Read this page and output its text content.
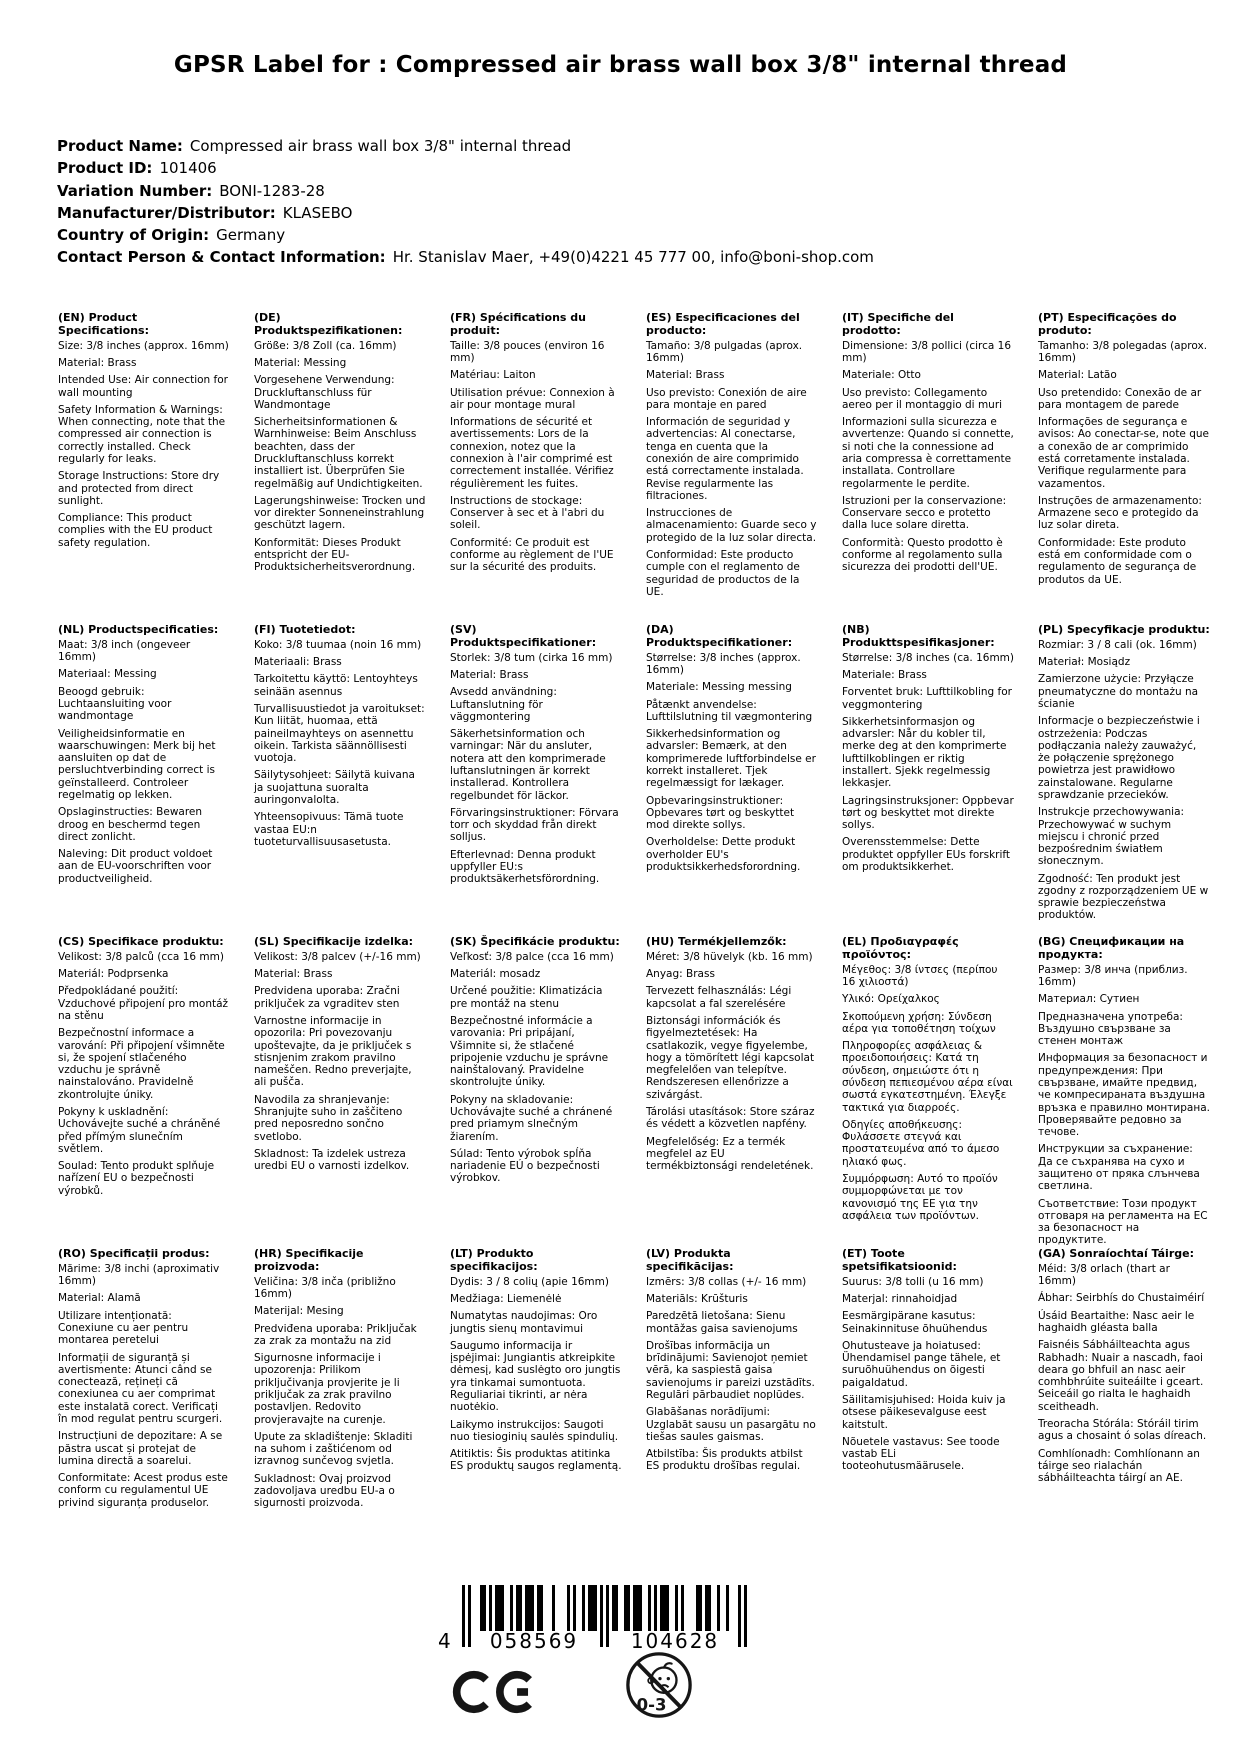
GPSR Label for : Compressed air brass wall box 3/8" internal thread
Product Name: Compressed air brass wall box 3/8" internal thread
Product ID: 101406
Variation Number: BONI-1283-28
Manufacturer/Distributor: KLASEBO
Country of Origin: Germany
Contact Person & Contact Information: Hr. Stanislav Maer, +49(0)4221 45 777 00, info@boni-shop.com
(EN) Product Specifications:

Size: 3/8 inches (approx. 16mm)

Material: Brass

Intended Use: Air connection for wall mounting

Safety Information & Warnings: When connecting, note that the compressed air connection is correctly installed. Check regularly for leaks.

Storage Instructions: Store dry and protected from direct sunlight.

Compliance: This product complies with the EU product safety regulation.

(DE) Produktspezifikationen:

Größe: 3/8 Zoll (ca. 16mm)

Material: Messing

Vorgesehene Verwendung: Druckluftanschluss für Wandmontage

Sicherheitsinformationen & Warnhinweise: Beim Anschluss beachten, dass der Druckluftanschluss korrekt installiert ist. Überprüfen Sie regelmäßig auf Undichtigkeiten.

Lagerungshinweise: Trocken und vor direkter Sonneneinstrahlung geschützt lagern.

Konformität: Dieses Produkt entspricht der EU-Produktsicherheitsverordnung.

(FR) Spécifications du produit:

Taille: 3/8 pouces (environ 16 mm)

Matériau: Laiton

Utilisation prévue: Connexion à air pour montage mural

Informations de sécurité et avertissements: Lors de la connexion, notez que la connexion à l'air comprimé est correctement installée. Vérifiez régulièrement les fuites.

Instructions de stockage: Conserver à sec et à l'abri du soleil.

Conformité: Ce produit est conforme au règlement de l'UE sur la sécurité des produits.

(ES) Especificaciones del producto:

Tamaño: 3/8 pulgadas (aprox. 16mm)

Material: Brass

Uso previsto: Conexión de aire para montaje en pared

Información de seguridad y advertencias: Al conectarse, tenga en cuenta que la conexión de aire comprimido está correctamente instalada. Revise regularmente las filtraciones.

Instrucciones de almacenamiento: Guarde seco y protegido de la luz solar directa.

Conformidad: Este producto cumple con el reglamento de seguridad de productos de la UE.

(IT) Specifiche del prodotto:

Dimensione: 3/8 pollici (circa 16 mm)

Materiale: Otto

Uso previsto: Collegamento aereo per il montaggio di muri

Informazioni sulla sicurezza e avvertenze: Quando si connette, si noti che la connessione ad aria compressa è correttamente installata. Controllare regolarmente le perdite.

Istruzioni per la conservazione: Conservare secco e protetto dalla luce solare diretta.

Conformità: Questo prodotto è conforme al regolamento sulla sicurezza dei prodotti dell'UE.

(PT) Especificações do produto:

Tamanho: 3/8 polegadas (aprox. 16mm)

Material: Latão

Uso pretendido: Conexão de ar para montagem de parede

Informações de segurança e avisos: Ao conectar-se, note que a conexão de ar comprimido está corretamente instalada. Verifique regularmente para vazamentos.

Instruções de armazenamento: Armazene seco e protegido da luz solar direta.

Conformidade: Este produto está em conformidade com o regulamento de segurança de produtos da UE.

(NL) Productspecificaties:

Maat: 3/8 inch (ongeveer 16mm)

Materiaal: Messing

Beoogd gebruik: Luchtaansluiting voor wandmontage

Veiligheidsinformatie en waarschuwingen: Merk bij het aansluiten op dat de persluchtverbinding correct is geïnstalleerd. Controleer regelmatig op lekken.

Opslaginstructies: Bewaren droog en beschermd tegen direct zonlicht.

Naleving: Dit product voldoet aan de EU-voorschriften voor productveiligheid.

(FI) Tuotetiedot:

Koko: 3/8 tuumaa (noin 16 mm)

Materiaali: Brass

Tarkoitettu käyttö: Lentoyhteys seinään asennus

Turvallisuustiedot ja varoitukset: Kun liität, huomaa, että paineilmayhteys on asennettu oikein. Tarkista säännöllisesti vuotoja.

Säilytysohjeet: Säilytä kuivana ja suojattuna suoralta auringonvalolta.

Yhteensopivuus: Tämä tuote vastaa EU:n tuoteturvallisuusasetusta.

(SV) Produktspecifikationer:

Storlek: 3/8 tum (cirka 16 mm)

Material: Brass

Avsedd användning: Luftanslutning för väggmontering

Säkerhetsinformation och varningar: När du ansluter, notera att den komprimerade luftanslutningen är korrekt installerad. Kontrollera regelbundet för läckor.

Förvaringsinstruktioner: Förvara torr och skyddad från direkt solljus.

Efterlevnad: Denna produkt uppfyller EU:s produktsäkerhetsförordning.

(DA) Produktspecifikationer:

Størrelse: 3/8 inches (approx. 16mm)

Materiale: Messing messing

Påtænkt anvendelse: Lufttilslutning til vægmontering

Sikkerhedsinformation og advarsler: Bemærk, at den komprimerede luftforbindelse er korrekt installeret. Tjek regelmæssigt for lækager.

Opbevaringsinstruktioner: Opbevares tørt og beskyttet mod direkte sollys.

Overholdelse: Dette produkt overholder EU's produktsikkerhedsforordning.

(NB) Produkttspesifikasjoner:

Størrelse: 3/8 inches (ca. 16mm)

Materiale: Brass

Forventet bruk: Lufttilkobling for veggmontering

Sikkerhetsinformasjon og advarsler: Når du kobler til, merke deg at den komprimerte lufttilkoblingen er riktig installert. Sjekk regelmessig lekkasjer.

Lagringsinstruksjoner: Oppbevar tørt og beskyttet mot direkte sollys.

Overensstemmelse: Dette produktet oppfyller EUs forskrift om produktsikkerhet.

(PL) Specyfikacje produktu:

Rozmiar: 3 / 8 cali (ok. 16mm)

Materiał: Mosiądz

Zamierzone użycie: Przyłącze pneumatyczne do montażu na ścianie

Informacje o bezpieczeństwie i ostrzeżenia: Podczas podłączania należy zauważyć, że połączenie sprężonego powietrza jest prawidłowo zainstalowane. Regularne sprawdzanie przecieków.

Instrukcje przechowywania: Przechowywać w suchym miejscu i chronić przed bezpośrednim światłem słonecznym.

Zgodność: Ten produkt jest zgodny z rozporządzeniem UE w sprawie bezpieczeństwa produktów.

(CS) Specifikace produktu:

Velikost: 3/8 palců (cca 16 mm)

Materiál: Podprsenka

Předpokládané použití: Vzduchové připojení pro montáž na stěnu

Bezpečnostní informace a varování: Při připojení všimněte si, že spojení stlačeného vzduchu je správně nainstalováno. Pravidelně zkontrolujte úniky.

Pokyny k uskladnění: Uchovávejte suché a chráněné před přímým slunečním světlem.

Soulad: Tento produkt splňuje nařízení EU o bezpečnosti výrobků.

(SL) Specifikacije izdelka:

Velikost: 3/8 palcev (+/-16 mm)

Material: Brass

Predvidena uporaba: Zračni priključek za vgraditev sten

Varnostne informacije in opozorila: Pri povezovanju upoštevajte, da je priključek s stisnjenim zrakom pravilno nameščen. Redno preverjajte, ali pušča.

Navodila za shranjevanje: Shranjujte suho in zaščiteno pred neposredno sončno svetlobo.

Skladnost: Ta izdelek ustreza uredbi EU o varnosti izdelkov.

(SK) Špecifikácie produktu:

Veľkosť: 3/8 palce (cca 16 mm)

Materiál: mosadz

Určené použitie: Klimatizácia pre montáž na stenu

Bezpečnostné informácie a varovania: Pri pripájaní, Všimnite si, že stlačené pripojenie vzduchu je správne nainštalovaný. Pravidelne skontrolujte úniky.

Pokyny na skladovanie: Uchovávajte suché a chránené pred priamym slnečným žiarením.

Súlad: Tento výrobok spĺňa nariadenie EÚ o bezpečnosti výrobkov.

(HU) Termékjellemzők:

Méret: 3/8 hüvelyk (kb. 16 mm)

Anyag: Brass

Tervezett felhasználás: Légi kapcsolat a fal szerelésére

Biztonsági információk és figyelmeztetések: Ha csatlakozik, vegye figyelembe, hogy a tömörített légi kapcsolat megfelelően van telepítve. Rendszeresen ellenőrizze a szivárgást.

Tárolási utasítások: Store száraz és védett a közvetlen napfény.

Megfelelőség: Ez a termék megfelel az EU termékbiztonsági rendeletének.

(EL) Προδιαγραφές προϊόντος:

Μέγεθος: 3/8 ίντσες (περίπου 16 χιλιοστά)

Υλικό: Ορείχαλκος

Σκοπούμενη χρήση: Σύνδεση αέρα για τοποθέτηση τοίχων

Πληροφορίες ασφάλειας & προειδοποιήσεις: Κατά τη σύνδεση, σημειώστε ότι η σύνδεση πεπιεσμένου αέρα είναι σωστά εγκατεστημένη. Έλεγξε τακτικά για διαρροές.

Οδηγίες αποθήκευσης: Φυλάσσετε στεγνά και προστατευμένα από το άμεσο ηλιακό φως.

Συμμόρφωση: Αυτό το προϊόν συμμορφώνεται με τον κανονισμό της ΕΕ για την ασφάλεια των προϊόντων.

(BG) Спецификации на продукта:

Размер: 3/8 инча (приблиз. 16mm)

Материал: Сутиен

Предназначена употреба: Въздушно свързване за стенен монтаж

Информация за безопасност и предупреждения: При свързване, имайте предвид, че компресираната въздушна връзка е правилно монтирана. Проверявайте редовно за течове.

Инструкции за съхранение: Да се съхранява на сухо и защитено от пряка слънчева светлина.

Съответствие: Този продукт отговаря на регламента на ЕС за безопасност на продуктите.

(RO) Specificații produs:

Mărime: 3/8 inchi (aproximativ 16mm)

Material: Alamă

Utilizare intenționată: Conexiune cu aer pentru montarea peretelui

Informații de siguranță și avertismente: Atunci când se conectează, rețineți că conexiunea cu aer comprimat este instalată corect. Verificați în mod regulat pentru scurgeri.

Instrucțiuni de depozitare: A se păstra uscat și protejat de lumina directă a soarelui.

Conformitate: Acest produs este conform cu regulamentul UE privind siguranța produselor.

(HR) Specifikacije proizvoda:

Veličina: 3/8 inča (približno 16mm)

Materijal: Mesing

Predviđena uporaba: Priključak za zrak za montažu na zid

Sigurnosne informacije i upozorenja: Prilikom priključivanja provjerite je li priključak za zrak pravilno postavljen. Redovito provjeravajte na curenje.

Upute za skladištenje: Skladiti na suhom i zaštićenom od izravnog sunčevog svjetla.

Sukladnost: Ovaj proizvod zadovoljava uredbu EU-a o sigurnosti proizvoda.

(LT) Produkto specifikacijos:

Dydis: 3 / 8 colių (apie 16mm)

Medžiaga: Liemenėlė

Numatytas naudojimas: Oro jungtis sienų montavimui

Saugumo informacija ir įspėjimai: Jungiantis atkreipkite dėmesį, kad suslėgto oro jungtis yra tinkamai sumontuota. Reguliariai tikrinti, ar nėra nuotėkio.

Laikymo instrukcijos: Saugoti nuo tiesioginių saulės spindulių.

Atitiktis: Šis produktas atitinka ES produktų saugos reglamentą.

(LV) Produkta specifikācijas:

Izmērs: 3/8 collas (+/- 16 mm)

Materiāls: Krūšturis

Paredzētā lietošana: Sienu montāžas gaisa savienojums

Drošības informācija un brīdinājumi: Savienojot ņemiet vērā, ka saspiestā gaisa savienojums ir pareizi uzstādīts. Regulāri pārbaudiet noplūdes.

Glabāšanas norādījumi: Uzglabāt sausu un pasargātu no tiešas saules gaismas.

Atbilstība: Šis produkts atbilst ES produktu drošības regulai.

(ET) Toote spetsifikatsioonid:

Suurus: 3/8 tolli (u 16 mm)

Materjal: rinnahoidjad

Eesmärgipärane kasutus: Seinakinnituse õhuühendus

Ohutusteave ja hoiatused: Ühendamisel pange tähele, et suruõhuühendus on õigesti paigaldatud.

Säilitamisjuhised: Hoida kuiv ja otsese päikesevalguse eest kaitstult.

Nõuetele vastavus: See toode vastab ELi tooteohutusmäärusele.

(GA) Sonraíochtaí Táirge:

Méid: 3/8 orlach (thart ar 16mm)

Ábhar: Seirbhís do Chustaiméirí

Úsáid Beartaithe: Nasc aeir le haghaidh gléasta balla

Faisnéis Sábháilteachta agus Rabhadh: Nuair a nascadh, faoi deara go bhfuil an nasc aeir comhbhrúite suiteáilte i gceart. Seiceáil go rialta le haghaidh sceitheadh.

Treoracha Stórála: Stóráil tirim agus a chosaint ó solas díreach.

Comhlíonadh: Comhlíonann an táirge seo rialachán sábháilteachta táirgí an AE.

4	058569	104628
0-3
